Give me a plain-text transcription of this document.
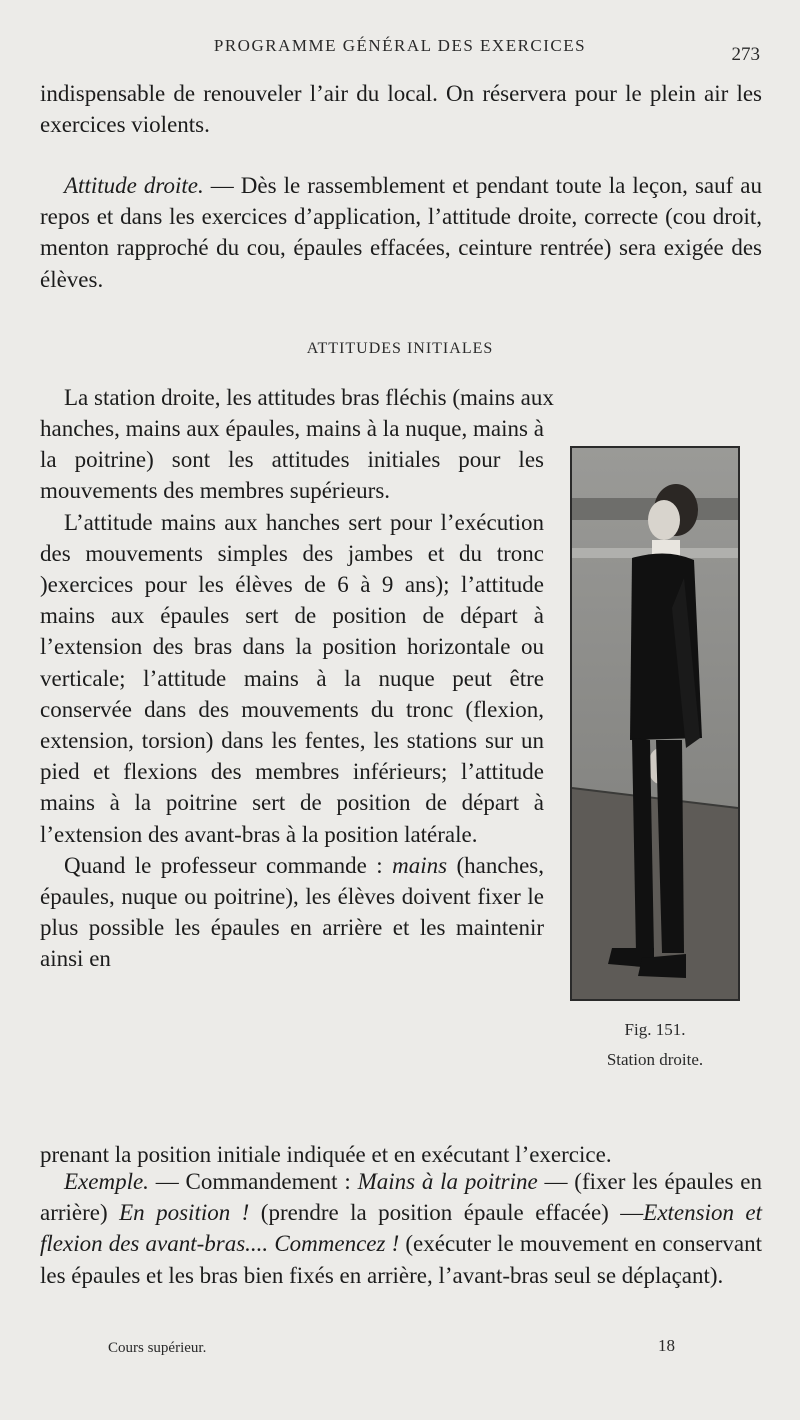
PROGRAMME GÉNÉRAL DES EXERCICES	273

indispensable de renouveler l’air du local. On réservera pour le plein air les exercices violents.

Attitude droite. — Dès le rassemblement et pendant toute la leçon, sauf au repos et dans les exercices d’application, l’attitude droite, correcte (cou droit, menton rapproché du cou, épaules effacées, ceinture rentrée) sera exigée des élèves.

ATTITUDES INITIALES

La station droite, les attitudes bras fléchis (mains aux

hanches, mains aux épaules, mains à la nuque, mains à la poitrine) sont les attitudes initiales pour les mouvements des membres supérieurs.

L’attitude mains aux hanches sert pour l’exécution des mouvements simples des jambes et du tronc )exercices pour les élèves de 6 à 9 ans); l’attitude mains aux épaules sert de position de départ à l’extension des bras dans la position horizontale ou verticale; l’attitude mains à la nuque peut être conservée dans des mouvements du tronc (flexion, extension, torsion) dans les fentes, les stations sur un pied et flexions des membres inférieurs; l’attitude mains à la poitrine sert de position de départ à l’extension des avant-bras à la position latérale.

Quand le professeur commande : mains (hanches, épaules, nuque ou poitrine), les élèves doivent fixer le plus possible les épaules en arrière et les maintenir ainsi en

prenant la position initiale indiquée et en exécutant l’exercice.

Exemple. — Commandement : Mains à la poitrine — (fixer les épaules en arrière) En position ! (prendre la position épaule effacée) —Extension et flexion des avant-bras.... Commencez ! (exécuter le mouvement en conservant les épaules et les bras bien fixés en arrière, l’avant-bras seul se déplaçant).

Fig. 151.
Station droite.
Cours supérieur.	18
